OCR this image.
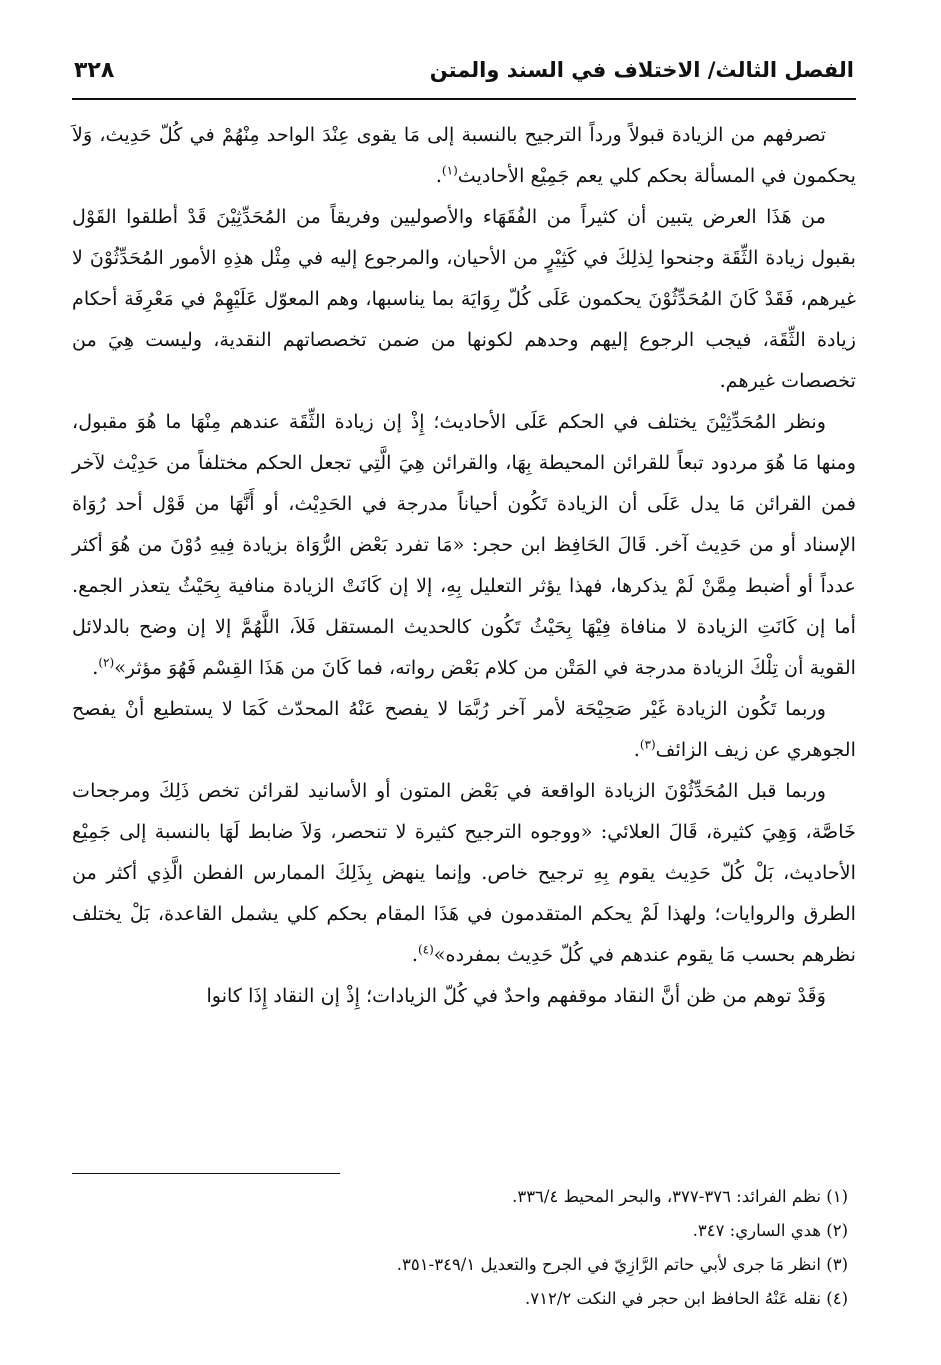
الفصل الثالث/ الاختلاف في السند والمتن
٣٢٨

تصرفهم من الزيادة قبولاً ورداً الترجيح بالنسبة إلى مَا يقوى عِنْدَ الواحد مِنْهُمْ في كُلّ حَدِيث، وَلاَ يحكمون في المسألة بحكم كلي يعم جَمِيْع الأحاديث$^{(١)}$.

من هَذَا العرض يتبين أن كثيراً من الفُقَهَاء والأصوليين وفريقاً من المُحَدِّثِيْنَ قَدْ أطلقوا القَوْل بقبول زيادة الثِّقَة وجنحوا لِذلِكَ في كَثِيْرٍ من الأحيان، والمرجوع إليه في مِثْل هذِهِ الأمور المُحَدِّثُوْنَ لا غيرهم، فَقَدْ كَانَ المُحَدِّثُوْنَ يحكمون عَلَى كُلّ رِوَايَة بما يناسبها، وهم المعوّل عَلَيْهِمْ في مَعْرِفَة أحكام زيادة الثِّقَة، فيجب الرجوع إليهم وحدهم لكونها من ضمن تخصصاتهم النقدية، وليست هِيَ من تخصصات غيرهم.

ونظر المُحَدِّثِيْنَ يختلف في الحكم عَلَى الأحاديث؛ إِذْ إن زيادة الثِّقَة عندهم مِنْهَا ما هُوَ مقبول، ومنها مَا هُوَ مردود تبعاً للقرائن المحيطة بِهَا، والقرائن هِيَ الَّتِي تجعل الحكم مختلفاً من حَدِيْث لآخر فمن القرائن مَا يدل عَلَى أن الزيادة تَكُون أحياناً مدرجة في الحَدِيْث، أو أَنَّهَا من قَوْل أحد رُوَاة الإسناد أو من حَدِيث آخر. قَالَ الحَافِظ ابن حجر: «مَا تفرد بَعْض الرُّوَاة بزيادة فِيهِ دُوْنَ من هُوَ أكثر عدداً أو أضبط مِمَّنْ لَمْ يذكرها، فهذا يؤثر التعليل بِهِ، إلا إن كَانَتْ الزيادة منافية بِحَيْثُ يتعذر الجمع. أما إن كَانَتِ الزيادة لا منافاة فِيْهَا بِحَيْثُ تَكُون كالحديث المستقل فَلاَ، اللَّهُمَّ إلا إن وضح بالدلائل القوية أن تِلْكَ الزيادة مدرجة في المَتْن من كلام بَعْض رواته، فما كَانَ من هَذَا القِسْم فَهُوَ مؤثر»$^{(٢)}$.

وربما تَكُون الزيادة غَيْر صَحِيْحَة لأمر آخر رُبَّمَا لا يفصح عَنْهُ المحدّث كَمَا لا يستطيع أنْ يفصح الجوهري عن زيف الزائف$^{(٣)}$.

وربما قبل المُحَدِّثُوْنَ الزيادة الواقعة في بَعْض المتون أو الأسانيد لقرائن تخص ذَلِكَ ومرجحات خَاصَّة، وَهِيَ كثيرة، قَالَ العلائي: «ووجوه الترجيح كثيرة لا تنحصر، وَلاَ ضابط لَهَا بالنسبة إلى جَمِيْع الأحاديث، بَلْ كُلّ حَدِيث يقوم بِهِ ترجيح خاص. وإنما ينهض بِذَلِكَ الممارس الفطن الَّذِي أكثر من الطرق والروايات؛ ولهذا لَمْ يحكم المتقدمون في هَذَا المقام بحكم كلي يشمل القاعدة، بَلْ يختلف نظرهم بحسب مَا يقوم عندهم في كُلّ حَدِيث بمفرده»$^{(٤)}$.

وَقَدْ توهم من ظن أنَّ النقاد موقفهم واحدٌ في كُلّ الزيادات؛ إِذْ إن النقاد إِذَا كانوا

(١) نظم الفرائد: ٣٧٦-٣٧٧، والبحر المحيط ٣٣٦/٤.

(٢) هدي الساري: ٣٤٧.

(٣) انظر مَا جرى لأبي حاتم الرَّازِيّ في الجرح والتعديل ٣٤٩/١-٣٥١.

(٤) نقله عَنْهُ الحافظ ابن حجر في النكت ٧١٢/٢.
